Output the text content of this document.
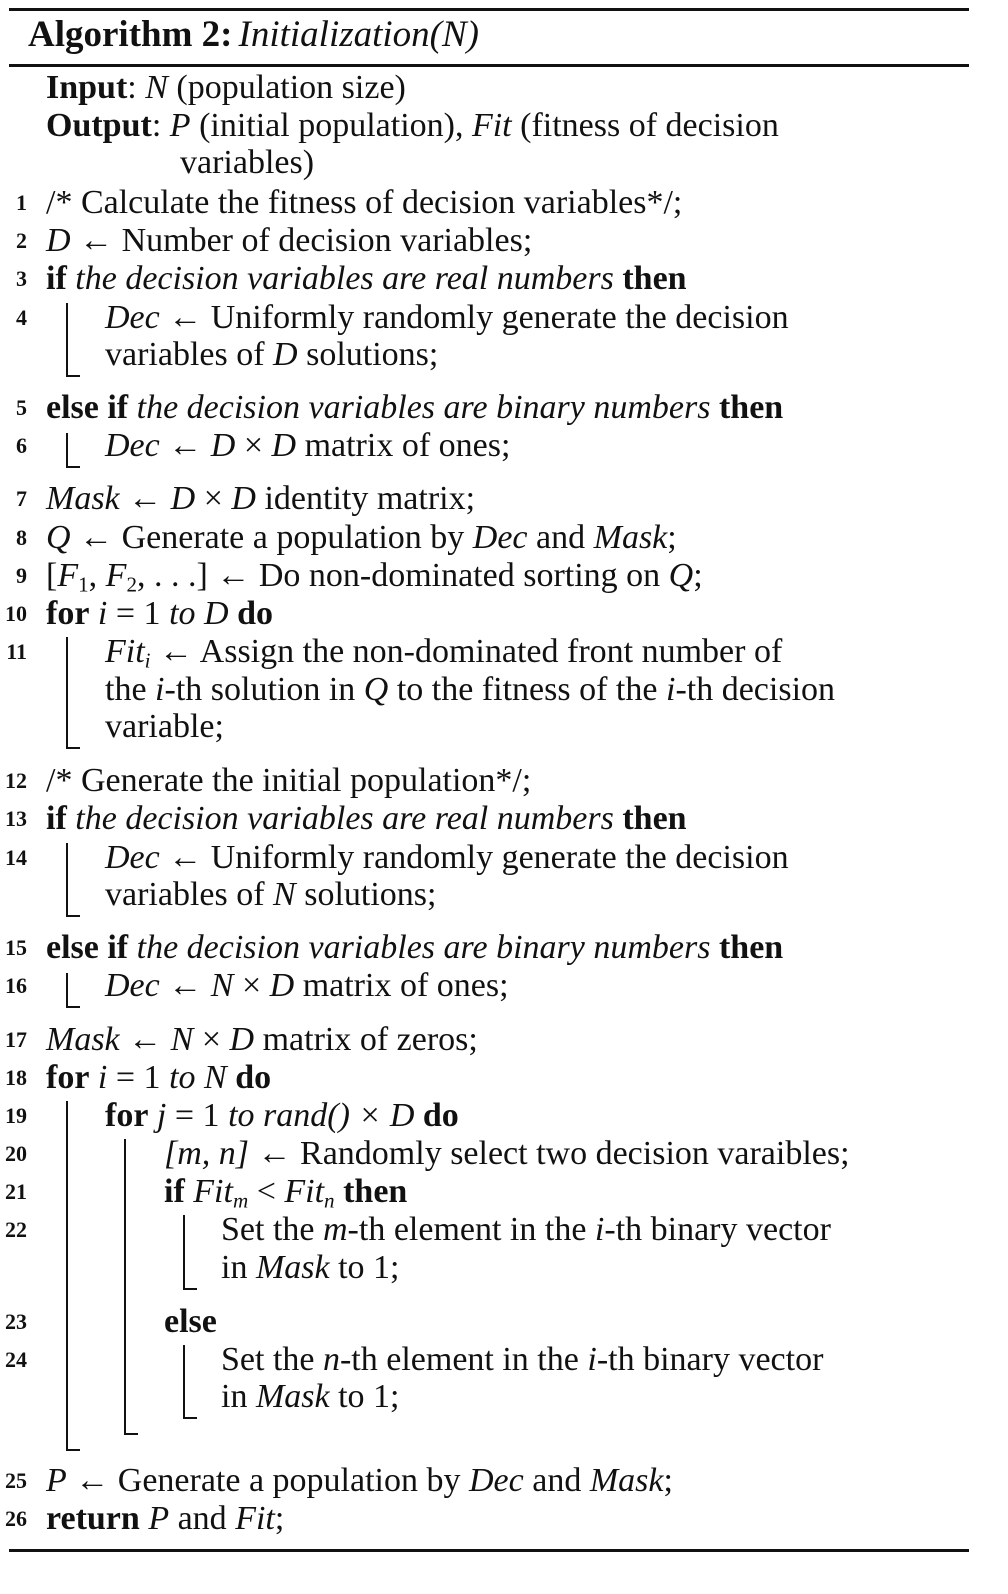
Algorithm 2: Initialization(N)
Input: N (population size)
Output: P (initial population), Fit (fitness of decision
variables)
1 /* Calculate the fitness of decision variables*/;
2 D ← Number of decision variables;
3 if the decision variables are real numbers then
4 Dec ← Uniformly randomly generate the decision
variables of D solutions;
5 else if the decision variables are binary numbers then
6 Dec ← D × D matrix of ones;
7 Mask ← D × D identity matrix;
8 Q ← Generate a population by Dec and Mask;
9 [$F_1$, $F_2$, . . .] ← Do non-dominated sorting on Q;
10 for i = 1 to D do
11 Fit$_i$ ← Assign the non-dominated front number of
the i-th solution in Q to the fitness of the i-th decision
variable;
12 /* Generate the initial population*/;
13 if the decision variables are real numbers then
14 Dec ← Uniformly randomly generate the decision
variables of N solutions;
15 else if the decision variables are binary numbers then
16 Dec ← N × D matrix of ones;
17 Mask ← N × D matrix of zeros;
18 for i = 1 to N do
19 for j = 1 to rand() × D do
20	[m, n] ← Randomly select two decision varaibles;
21	if Fit$_m$ < Fit$_n$ then
22	Set the m-th element in the i-th binary vector
in Mask to 1;
23	else
24	Set the n-th element in the i-th binary vector
in Mask to 1;
25 P ← Generate a population by Dec and Mask;
26 return P and Fit;
